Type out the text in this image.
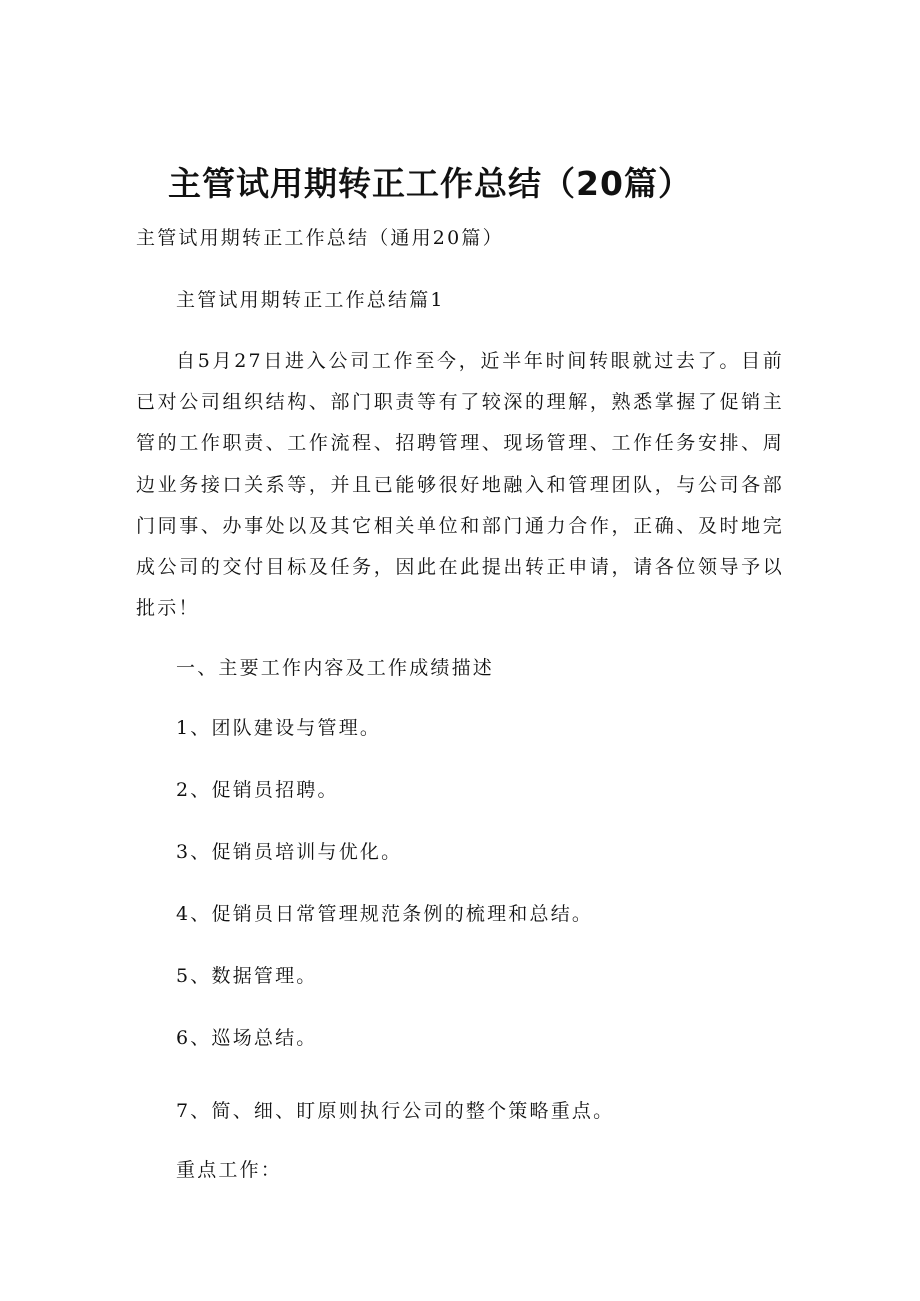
主管试用期转正工作总结（20篇）
主管试用期转正工作总结（通用20篇）
主管试用期转正工作总结篇1
自5月27日进入公司工作至今，近半年时间转眼就过去了。目前已对公司组织结构、部门职责等有了较深的理解，熟悉掌握了促销主管的工作职责、工作流程、招聘管理、现场管理、工作任务安排、周边业务接口关系等，并且已能够很好地融入和管理团队，与公司各部门同事、办事处以及其它相关单位和部门通力合作，正确、及时地完成公司的交付目标及任务，因此在此提出转正申请，请各位领导予以批示！
一、主要工作内容及工作成绩描述
1、团队建设与管理。
2、促销员招聘。
3、促销员培训与优化。
4、促销员日常管理规范条例的梳理和总结。
5、数据管理。
6、巡场总结。
7、简、细、盯原则执行公司的整个策略重点。
重点工作：
